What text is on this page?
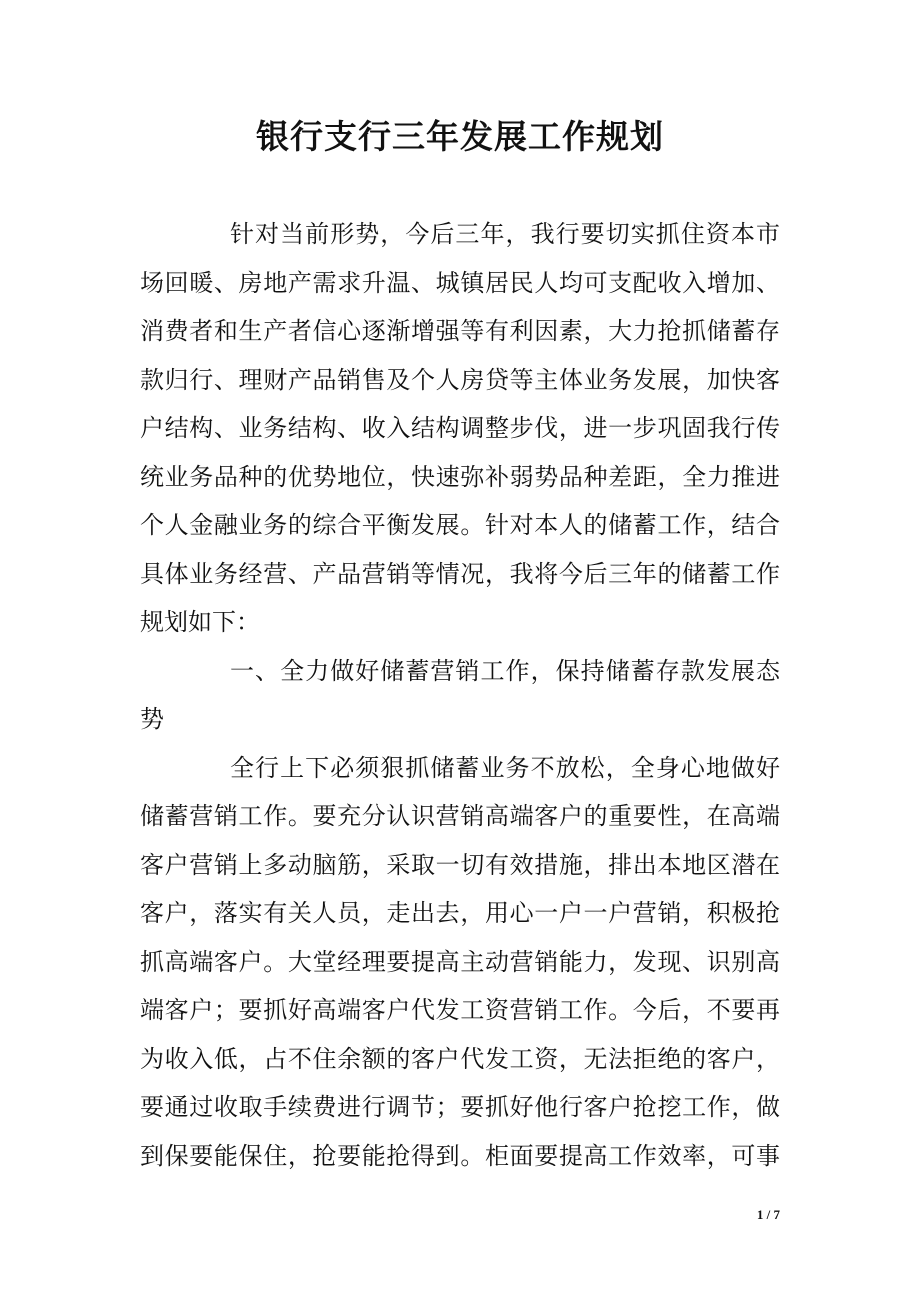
银行支行三年发展工作规划
针对当前形势，今后三年，我行要切实抓住资本市
场回暖、房地产需求升温、城镇居民人均可支配收入增加、
消费者和生产者信心逐渐增强等有利因素，大力抢抓储蓄存
款归行、理财产品销售及个人房贷等主体业务发展，加快客
户结构、业务结构、收入结构调整步伐，进一步巩固我行传
统业务品种的优势地位，快速弥补弱势品种差距，全力推进
个人金融业务的综合平衡发展。针对本人的储蓄工作，结合
具体业务经营、产品营销等情况，我将今后三年的储蓄工作
规划如下：
一、全力做好储蓄营销工作，保持储蓄存款发展态
势
全行上下必须狠抓储蓄业务不放松，全身心地做好
储蓄营销工作。要充分认识营销高端客户的重要性，在高端
客户营销上多动脑筋，采取一切有效措施，排出本地区潜在
客户，落实有关人员，走出去，用心一户一户营销，积极抢
抓高端客户。大堂经理要提高主动营销能力，发现、识别高
端客户；要抓好高端客户代发工资营销工作。今后，不要再
为收入低，占不住余额的客户代发工资，无法拒绝的客户，
要通过收取手续费进行调节；要抓好他行客户抢挖工作，做
到保要能保住，抢要能抢得到。柜面要提高工作效率，可事
1 / 7
